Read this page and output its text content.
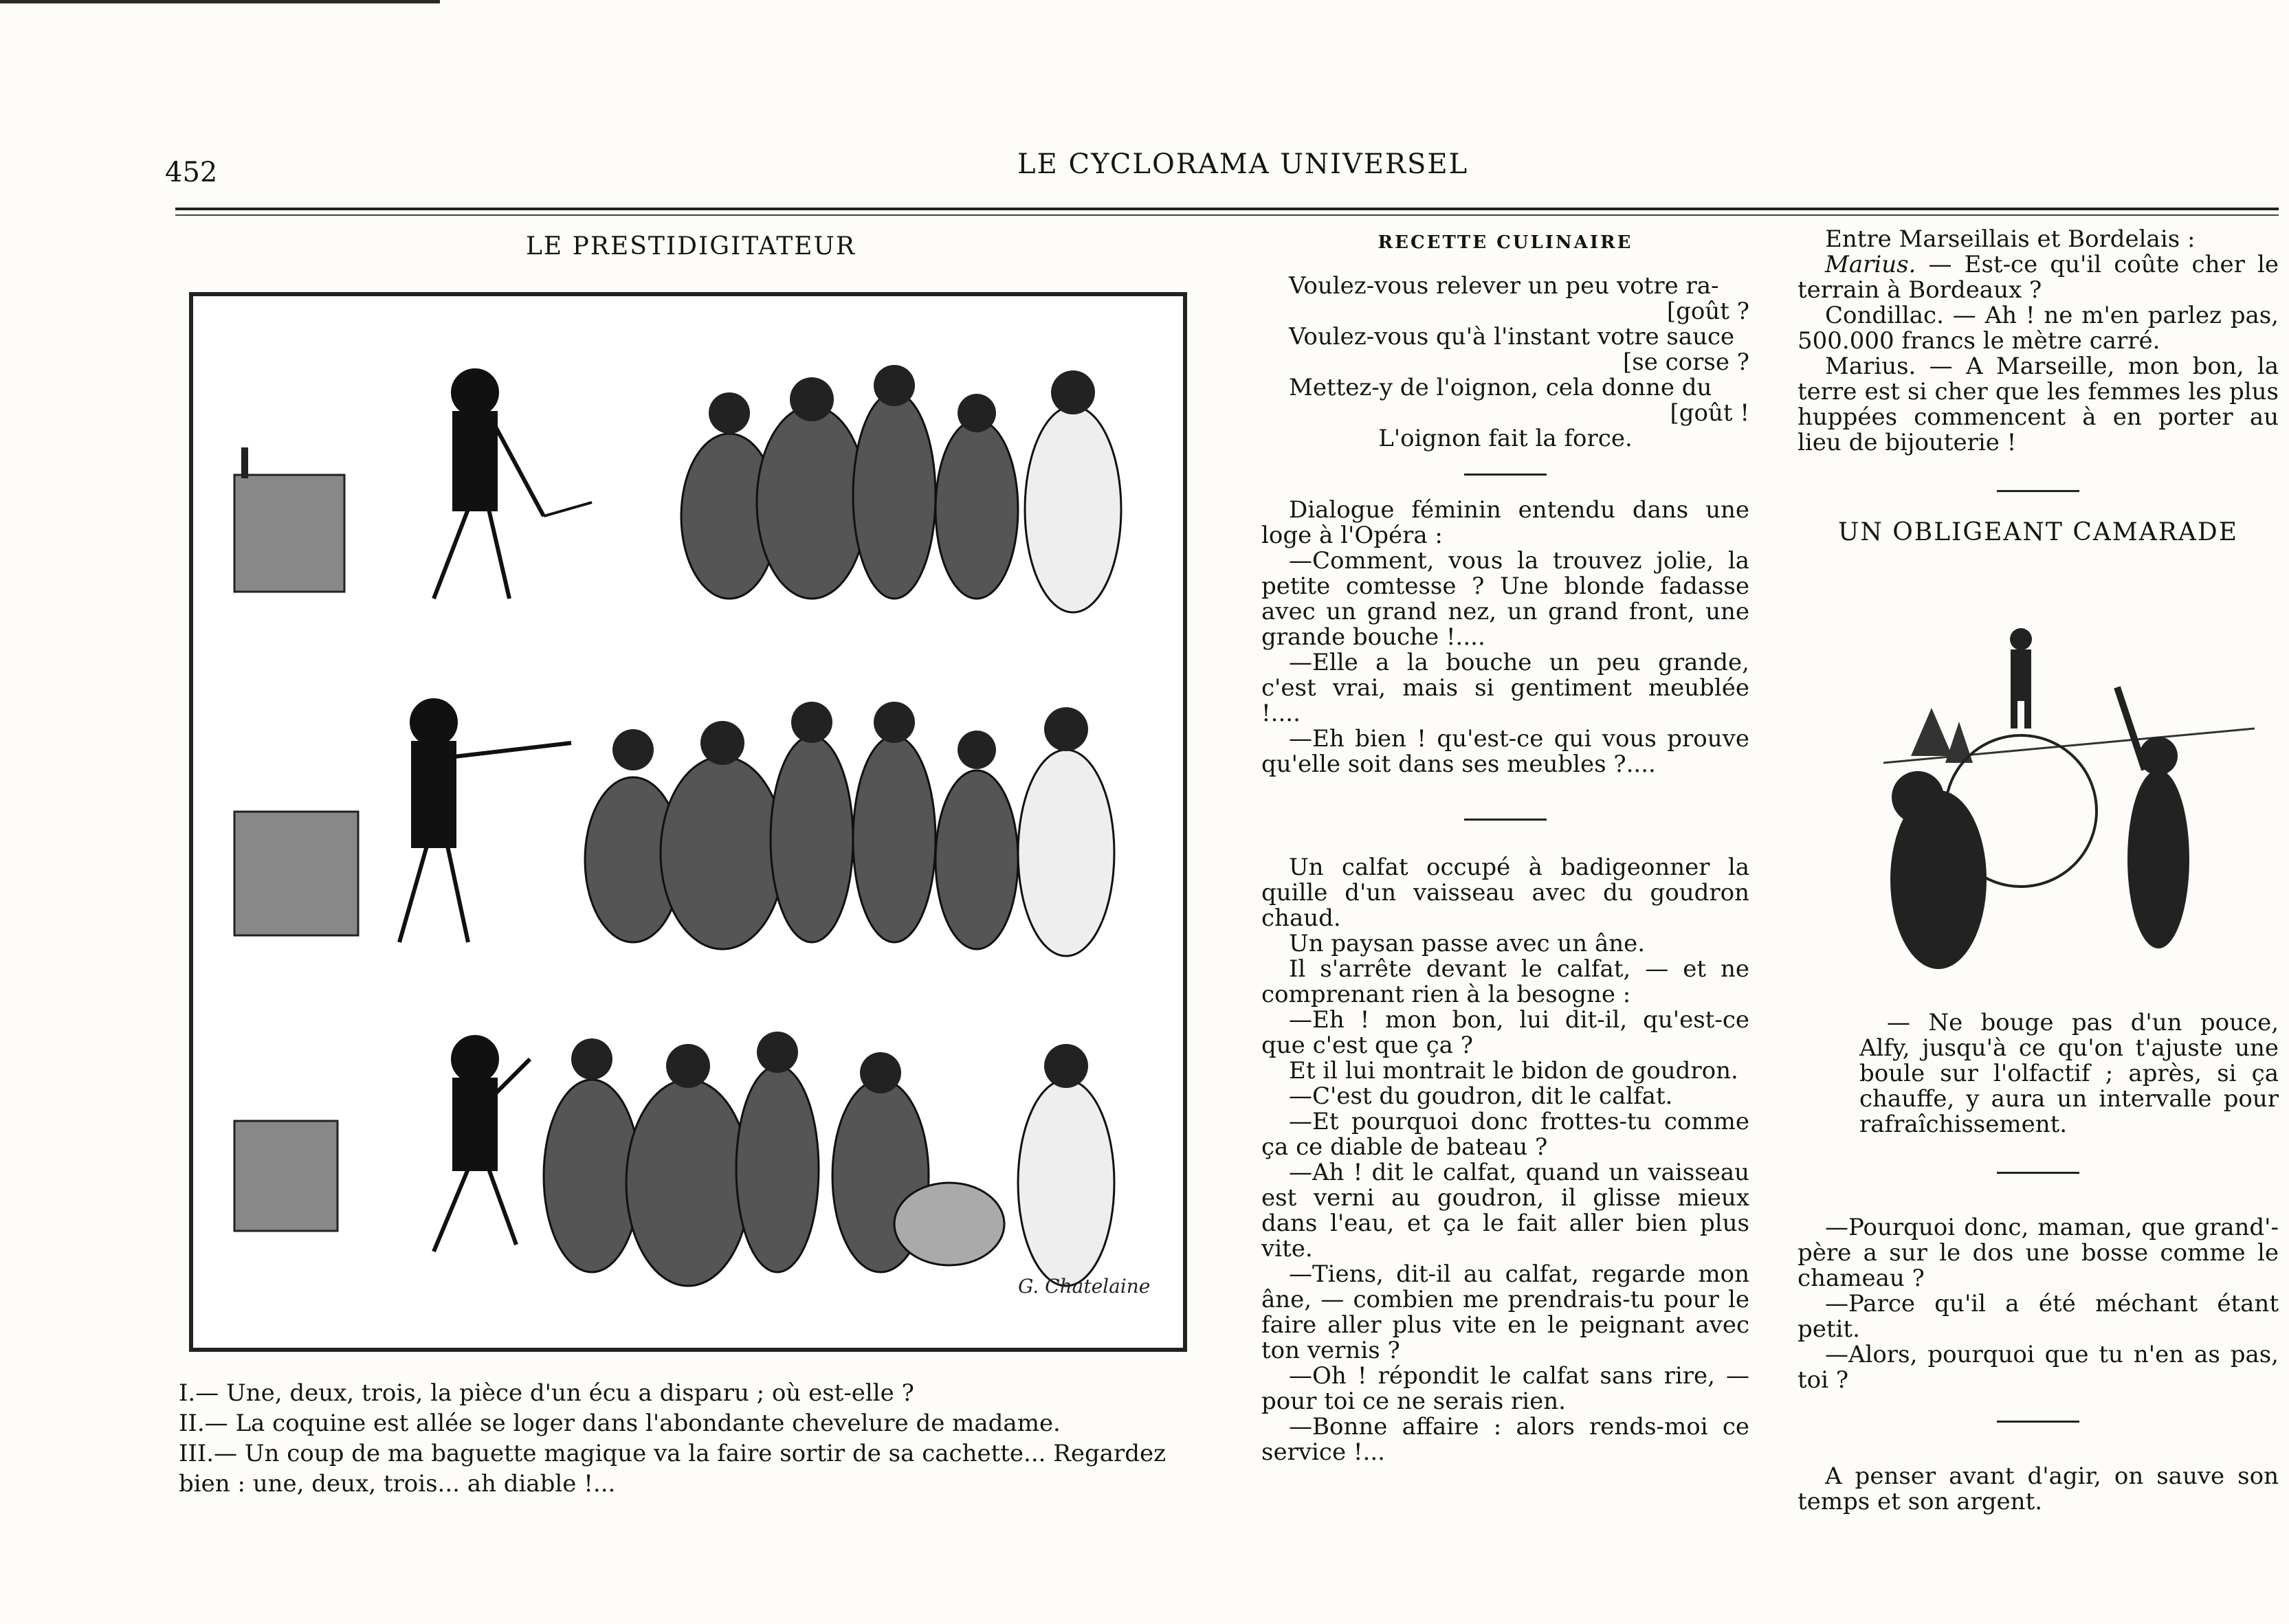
452	LE CYCLORAMA UNIVERSEL
LE PRESTIDIGITATEUR
G. Chatelaine

I.— Une, deux, trois, la pièce d'un écu a disparu ; où est-elle ?

II.— La coquine est allée se loger dans l'abondante chevelure de madame.

III.— Un coup de ma baguette magique va la faire sortir de sa cachette... Regardez bien : une, deux, trois... ah diable !...

RECETTE CULINAIRE

Voulez-vous relever un peu votre ra-

[goût ?

Voulez-vous qu'à l'instant votre sauce

[se corse ?

Mettez-y de l'oignon, cela donne du

[goût !

L'oignon fait la force.

Dialogue féminin entendu dans une loge à l'Opéra :

—Comment, vous la trouvez jolie, la petite comtesse ? Une blonde fadasse avec un grand nez, un grand front, une grande bouche !....

—Elle a la bouche un peu grande, c'est vrai, mais si gentiment meublée !....

—Eh bien ! qu'est-ce qui vous prouve qu'elle soit dans ses meubles ?....

Un calfat occupé à badigeonner la quille d'un vaisseau avec du goudron chaud.

Un paysan passe avec un âne.

Il s'arrête devant le calfat, — et ne comprenant rien à la besogne :

—Eh ! mon bon, lui dit-il, qu'est-ce que c'est que ça ?

Et il lui montrait le bidon de goudron.

—C'est du goudron, dit le calfat.

—Et pourquoi donc frottes-tu comme ça ce diable de bateau ?

—Ah ! dit le calfat, quand un vaisseau est verni au goudron, il glisse mieux dans l'eau, et ça le fait aller bien plus vite.

—Tiens, dit-il au calfat, regarde mon âne, — combien me prendrais-tu pour le faire aller plus vite en le peignant avec ton vernis ?

—Oh ! répondit le calfat sans rire, — pour toi ce ne serais rien.

—Bonne affaire : alors rends-moi ce service !...

Entre Marseillais et Bordelais :

Marius. — Est-ce qu'il coûte cher le terrain à Bordeaux ?

Condillac. — Ah ! ne m'en parlez pas, 500.000 francs le mètre carré.

Marius. — A Marseille, mon bon, la terre est si cher que les femmes les plus huppées commencent à en porter au lieu de bijouterie !

UN OBLIGEANT CAMARADE

— Ne bouge pas d'un pouce, Alfy, jusqu'à ce qu'on t'ajuste une boule sur l'olfactif ; après, si ça chauffe, y aura un intervalle pour rafraîchissement.

—Pourquoi donc, maman, que grand'-père a sur le dos une bosse comme le chameau ?

—Parce qu'il a été méchant étant petit.

—Alors, pourquoi que tu n'en as pas, toi ?

A penser avant d'agir, on sauve son temps et son argent.
